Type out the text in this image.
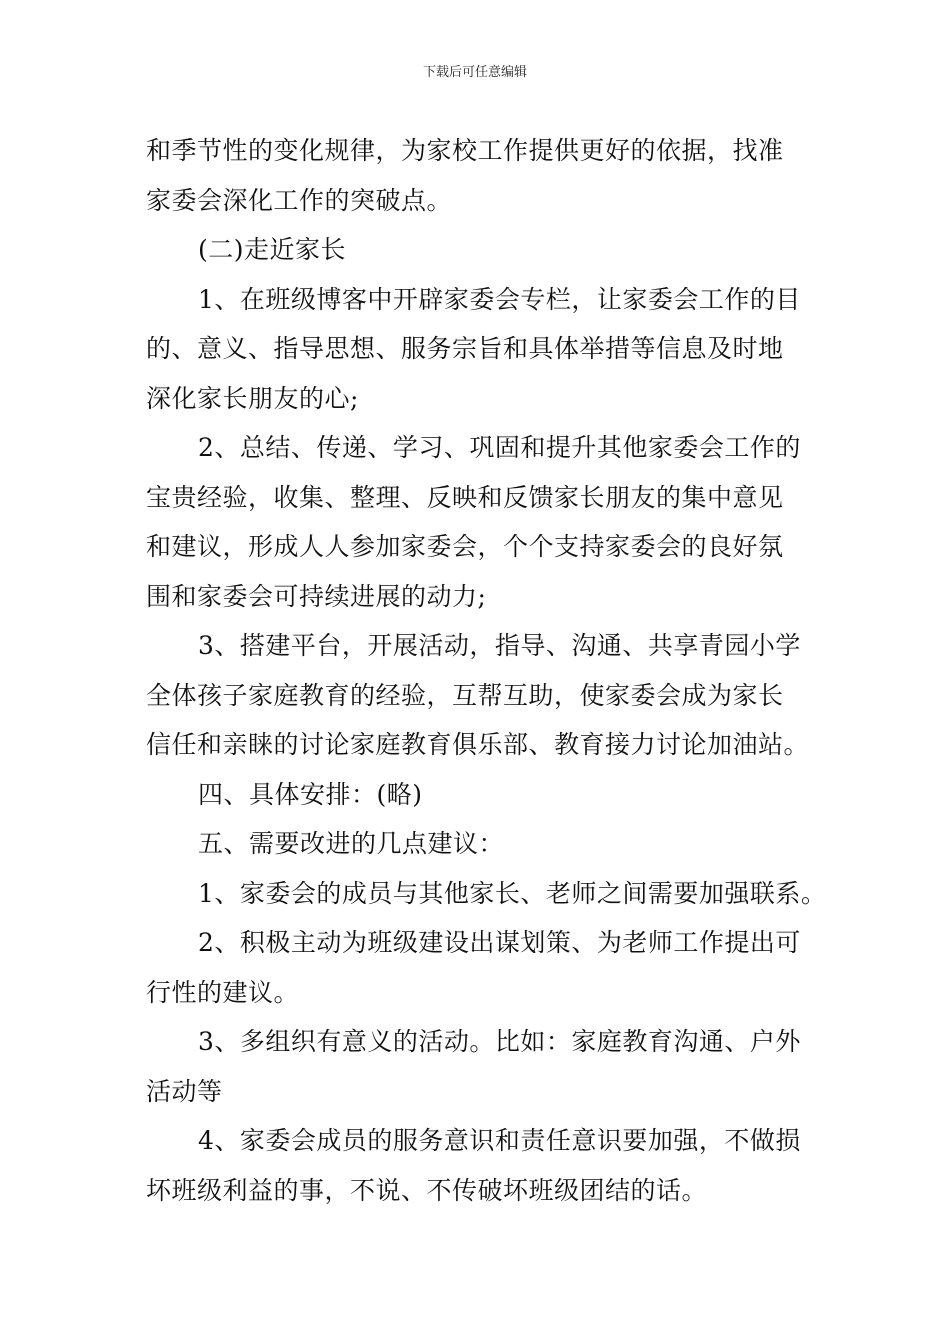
下载后可任意编辑
和季节性的变化规律，为家校工作提供更好的依据，找准
家委会深化工作的突破点。
(二)走近家长
1、在班级博客中开辟家委会专栏，让家委会工作的目
的、意义、指导思想、服务宗旨和具体举措等信息及时地
深化家长朋友的心;
2、总结、传递、学习、巩固和提升其他家委会工作的
宝贵经验，收集、整理、反映和反馈家长朋友的集中意见
和建议，形成人人参加家委会，个个支持家委会的良好氛
围和家委会可持续进展的动力;
3、搭建平台，开展活动，指导、沟通、共享青园小学
全体孩子家庭教育的经验，互帮互助，使家委会成为家长
信任和亲睐的讨论家庭教育俱乐部、教育接力讨论加油站。
四、具体安排：(略)
五、需要改进的几点建议：
1、家委会的成员与其他家长、老师之间需要加强联系。
2、积极主动为班级建设出谋划策、为老师工作提出可
行性的建议。
3、多组织有意义的活动。比如：家庭教育沟通、户外
活动等
4、家委会成员的服务意识和责任意识要加强，不做损
坏班级利益的事，不说、不传破坏班级团结的话。
